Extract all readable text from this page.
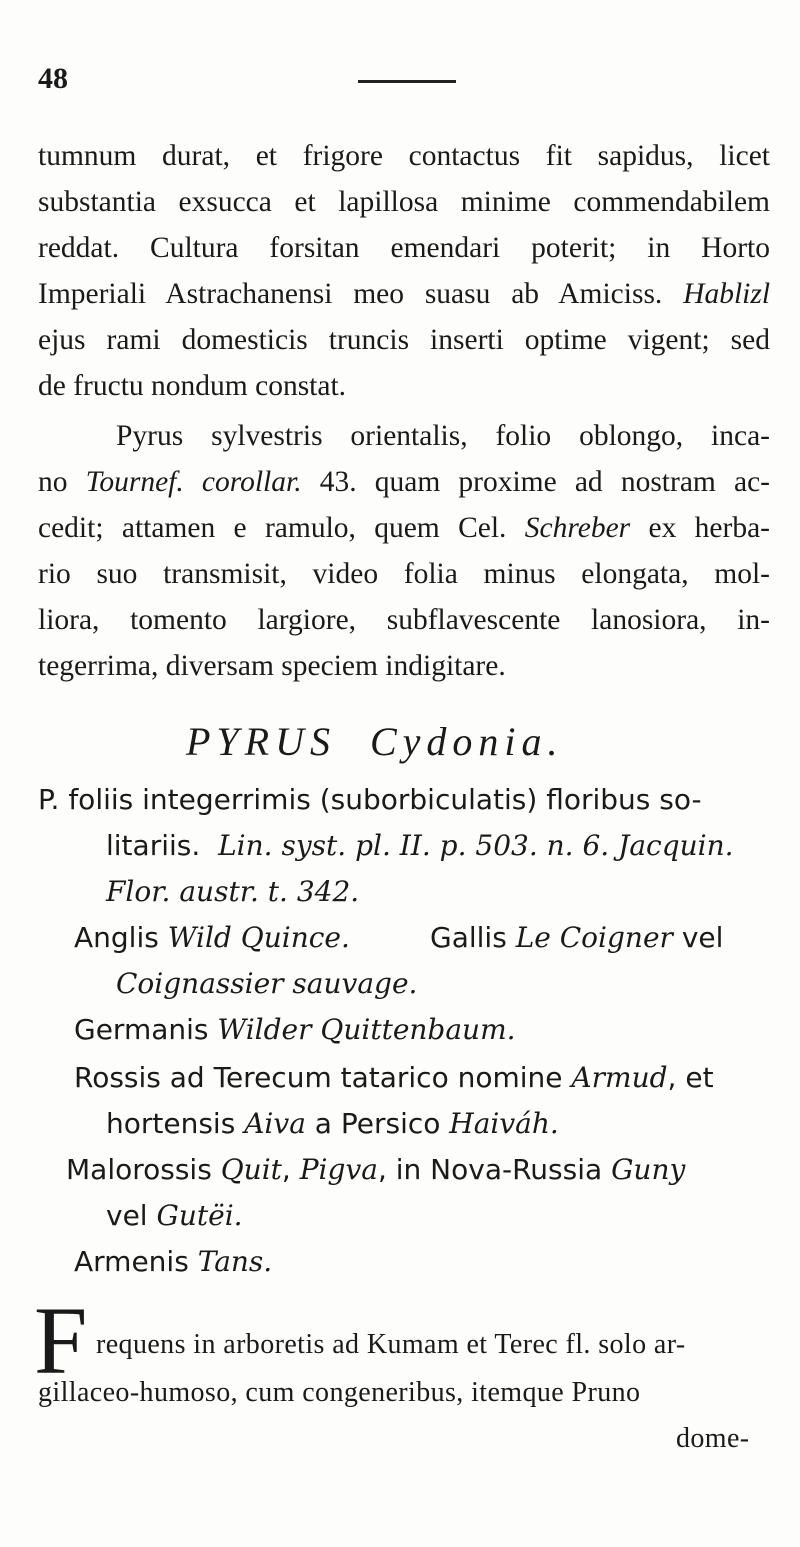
48
tumnum durat, et frigore contactus fit sapidus, licet
substantia exsucca et lapillosa minime commendabilem
reddat. Cultura forsitan emendari poterit; in Horto
Imperiali Astrachanensi meo suasu ab Amiciss. Hablizl
ejus rami domesticis truncis inserti optime vigent; sed
de fructu nondum constat.
Pyrus sylvestris orientalis, folio oblongo, inca-
no Tournef. corollar. 43. quam proxime ad nostram ac-
cedit; attamen e ramulo, quem Cel. Schreber ex herba-
rio suo transmisit, video folia minus elongata, mol-
liora, tomento largiore, subflavescente lanosiora, in-
tegerrima, diversam speciem indigitare.
PYRUS Cydonia.
P. foliis integerrimis (suborbiculatis) floribus so-
litariis. Lin. syst. pl. II. p. 503. n. 6. Jacquin.
Flor. austr. t. 342.
Anglis Wild Quince.	Gallis Le Coigner vel
Coignassier sauvage.
Germanis Wilder Quittenbaum.
Rossis ad Terecum tatarico nomine Armud, et
hortensis Aiva a Persico Haiváh.
Malorossis Quit, Pigva, in Nova-Russia Guny
vel Gutëi.
Armenis Tans.
F requens in arboretis ad Kumam et Terec fl. solo ar-
gillaceo-humoso, cum congeneribus, itemque Pruno
dome-
